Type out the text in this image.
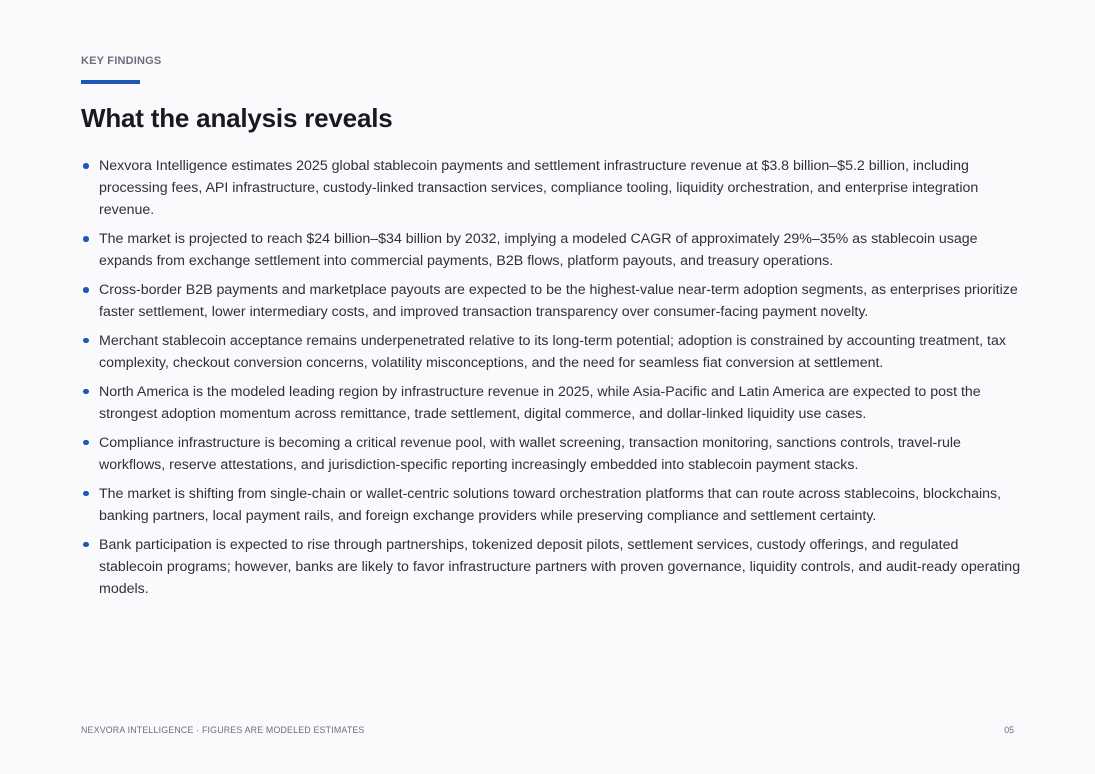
KEY FINDINGS
What the analysis reveals
Nexvora Intelligence estimates 2025 global stablecoin payments and settlement infrastructure revenue at $3.8 billion–$5.2 billion, including processing fees, API infrastructure, custody-linked transaction services, compliance tooling, liquidity orchestration, and enterprise integration revenue.
The market is projected to reach $24 billion–$34 billion by 2032, implying a modeled CAGR of approximately 29%–35% as stablecoin usage expands from exchange settlement into commercial payments, B2B flows, platform payouts, and treasury operations.
Cross-border B2B payments and marketplace payouts are expected to be the highest-value near-term adoption segments, as enterprises prioritize faster settlement, lower intermediary costs, and improved transaction transparency over consumer-facing payment novelty.
Merchant stablecoin acceptance remains underpenetrated relative to its long-term potential; adoption is constrained by accounting treatment, tax complexity, checkout conversion concerns, volatility misconceptions, and the need for seamless fiat conversion at settlement.
North America is the modeled leading region by infrastructure revenue in 2025, while Asia-Pacific and Latin America are expected to post the strongest adoption momentum across remittance, trade settlement, digital commerce, and dollar-linked liquidity use cases.
Compliance infrastructure is becoming a critical revenue pool, with wallet screening, transaction monitoring, sanctions controls, travel-rule workflows, reserve attestations, and jurisdiction-specific reporting increasingly embedded into stablecoin payment stacks.
The market is shifting from single-chain or wallet-centric solutions toward orchestration platforms that can route across stablecoins, blockchains, banking partners, local payment rails, and foreign exchange providers while preserving compliance and settlement certainty.
Bank participation is expected to rise through partnerships, tokenized deposit pilots, settlement services, custody offerings, and regulated stablecoin programs; however, banks are likely to favor infrastructure partners with proven governance, liquidity controls, and audit-ready operating models.
NEXVORA INTELLIGENCE · FIGURES ARE MODELED ESTIMATES	05
